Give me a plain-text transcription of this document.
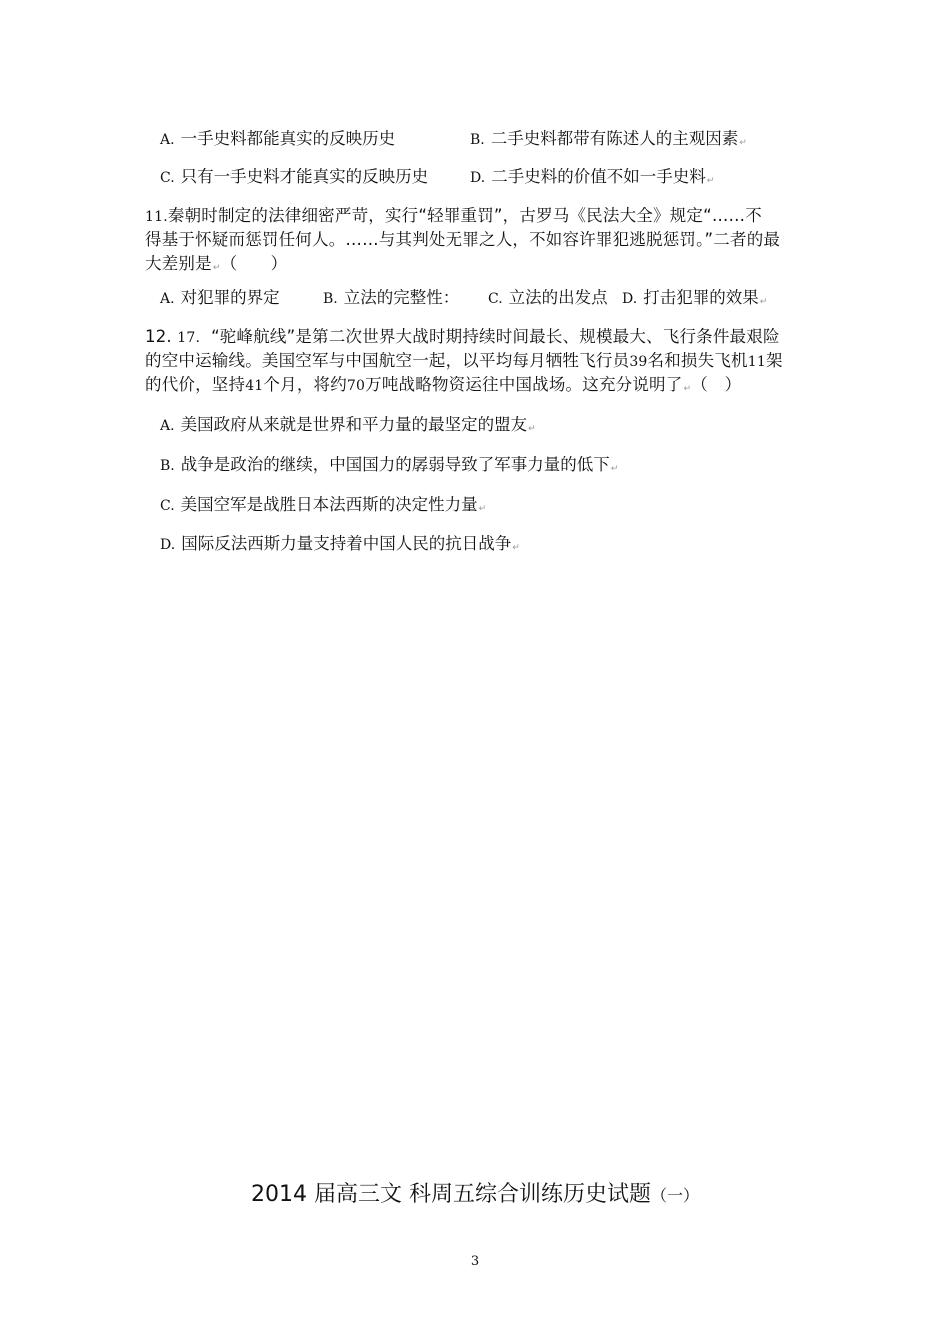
A. 一手史料都能真实的反映历史	B. 二手史料都带有陈述人的主观因素↵
C. 只有一手史料才能真实的反映历史	D. 二手史料的价值不如一手史料↵
11.秦朝时制定的法律细密严苛，实行“轻罪重罚”，古罗马《民法大全》规定“……不
得基于怀疑而惩罚任何人。……与其判处无罪之人，不如容许罪犯逃脱惩罚。”二者的最
大差别是↵（　　）
A. 对犯罪的界定	B. 立法的完整性： C. 立法的出发点 D. 打击犯罪的效果↵
12. 17. “驼峰航线”是第二次世界大战时期持续时间最长、规模最大、飞行条件最艰险
的空中运输线。美国空军与中国航空一起，以平均每月牺牲飞行员39名和损失飞机11架
的代价，坚持41个月，将约70万吨战略物资运往中国战场。这充分说明了↵（　）
A. 美国政府从来就是世界和平力量的最坚定的盟友↵
B. 战争是政治的继续，中国国力的孱弱导致了军事力量的低下↵
C. 美国空军是战胜日本法西斯的决定性力量↵
D. 国际反法西斯力量支持着中国人民的抗日战争↵
2014 届高三文 科周五综合训练历史试题（一）
3
